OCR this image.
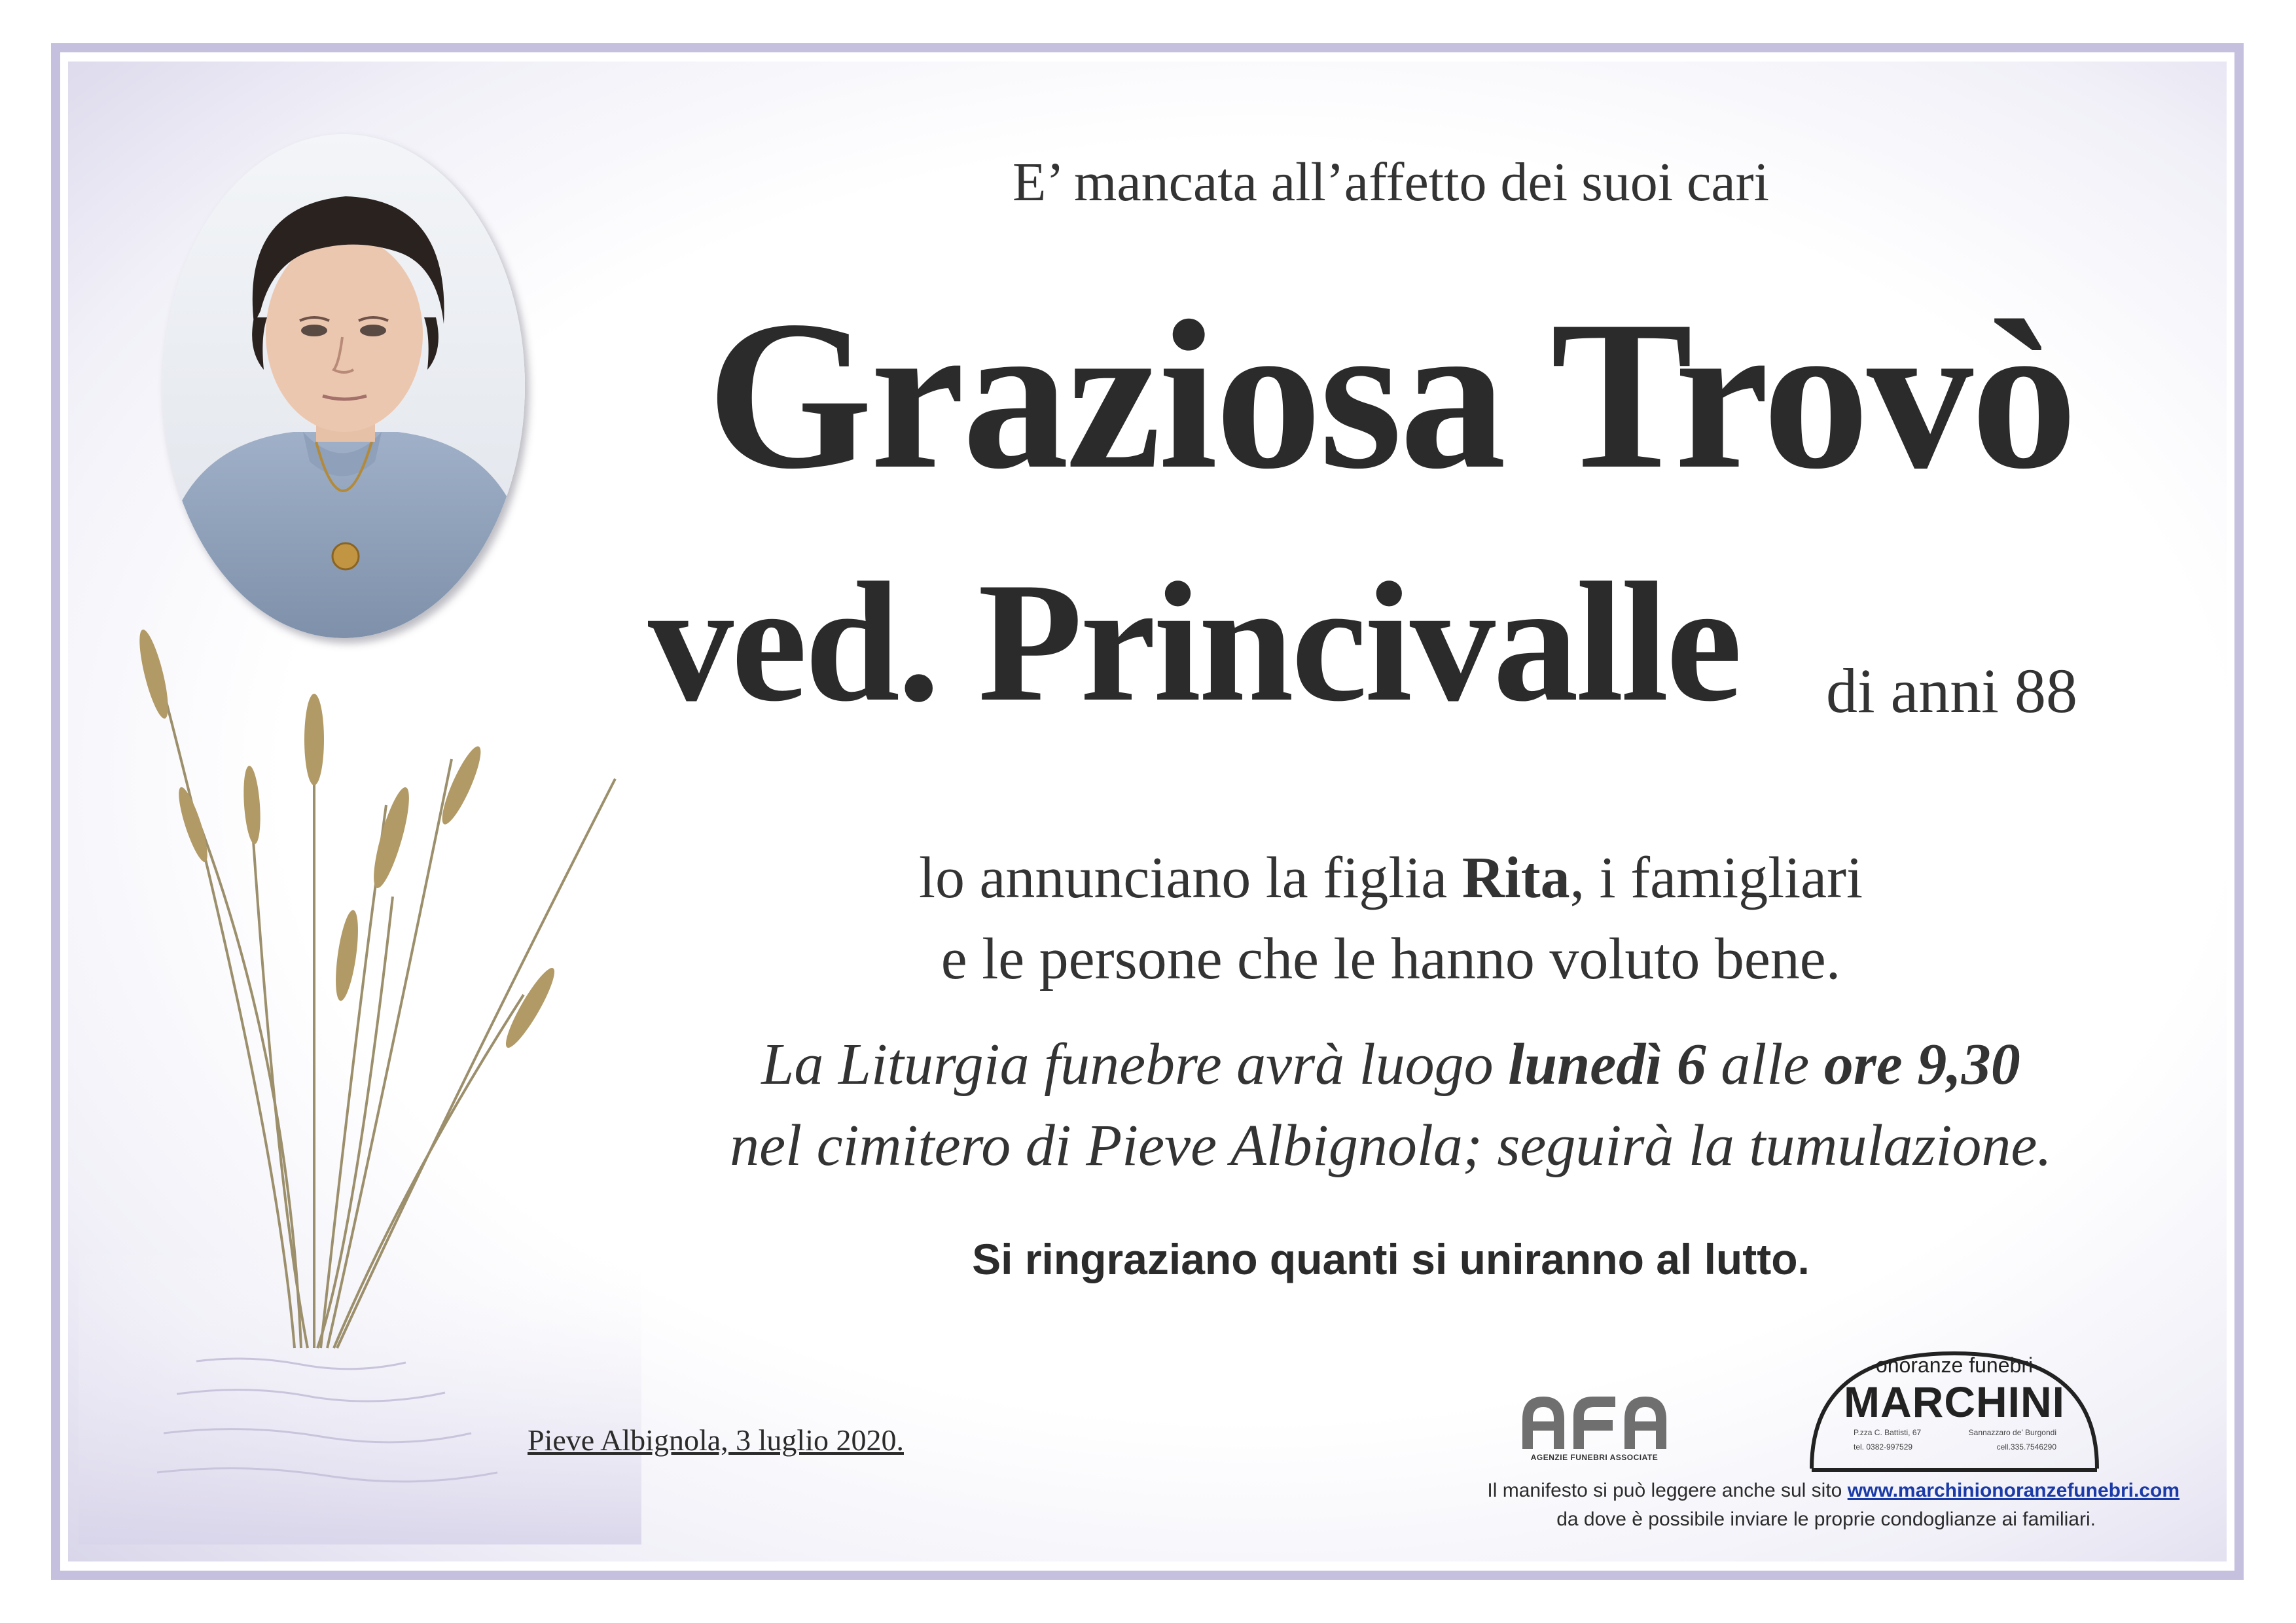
E’ mancata all’affetto dei suoi cari
Graziosa Trovò
ved. Princivalle	di anni 88
lo annunciano la figlia Rita, i famigliari
e le persone che le hanno voluto bene.
La Liturgia funebre avrà luogo lunedì 6 alle ore 9,30
nel cimitero di Pieve Albignola; seguirà la tumulazione.
Si ringraziano quanti si uniranno al lutto.
Pieve Albignola, 3 luglio 2020.
AGENZIE FUNEBRI ASSOCIATE
onoranze funebri
MARCHINI
P.zza C. Battisti, 67	Sannazzaro de’ Burgondi
tel. 0382-997529	cell.335.7546290
Il manifesto si può leggere anche sul sito www.marchinionoranzefunebri.com
da dove è possibile inviare le proprie condoglianze ai familiari.
